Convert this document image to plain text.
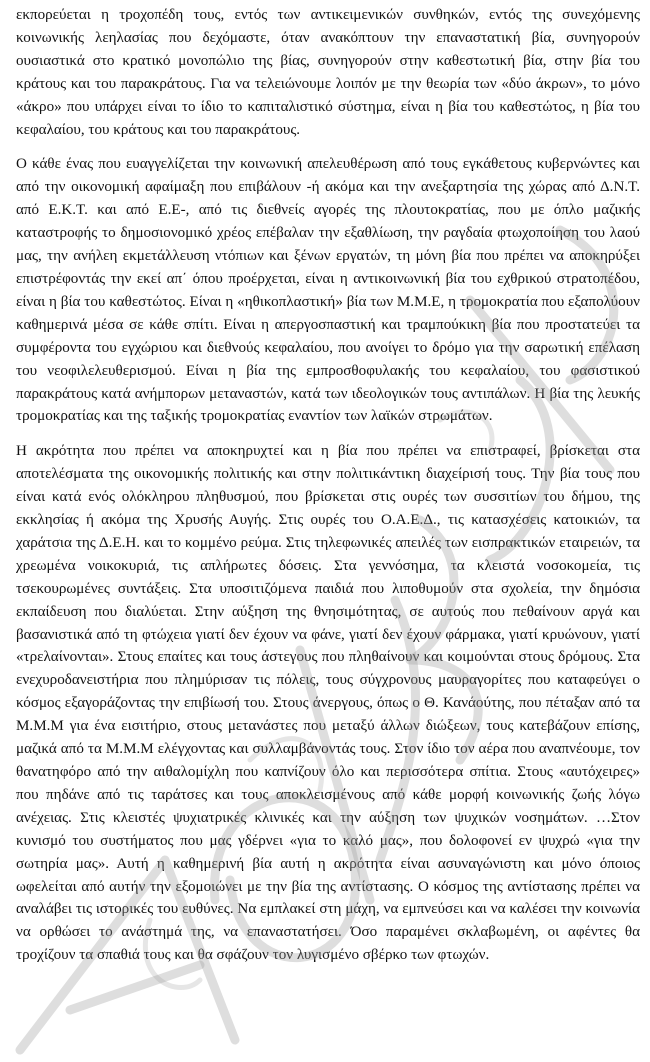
εκπορεύεται η τροχοπέδη τους, εντός των αντικειμενικών συνθηκών, εντός της συνεχόμενης κοινωνικής λεηλασίας που δεχόμαστε, όταν ανακόπτουν την επαναστατική βία, συνηγορούν ουσιαστικά στο κρατικό μονοπώλιο της βίας, συνηγορούν στην καθεστωτική βία, στην βία του κράτους και του παρακράτους. Για να τελειώνουμε λοιπόν με την θεωρία των «δύο άκρων», το μόνο «άκρο» που υπάρχει είναι το ίδιο το καπιταλιστικό σύστημα, είναι η βία του καθεστώτος, η βία του κεφαλαίου, του κράτους και του παρακράτους.

Ο κάθε ένας που ευαγγελίζεται την κοινωνική απελευθέρωση από τους εγκάθετους κυβερνώντες και από την οικονομική αφαίμαξη που επιβάλουν -ή ακόμα και την ανεξαρτησία της χώρας από Δ.Ν.Τ. από Ε.Κ.Τ. και από Ε.Ε-, από τις διεθνείς αγορές της πλουτοκρατίας, που με όπλο μαζικής καταστροφής το δημοσιονομικό χρέος επέβαλαν την εξαθλίωση, την ραγδαία φτωχοποίηση του λαού μας, την ανήλεη εκμετάλλευση ντόπιων και ξένων εργατών, τη μόνη βία που πρέπει να αποκηρύξει επιστρέφοντάς την εκεί απ΄ όπου προέρχεται, είναι η αντικοινωνική βία του εχθρικού στρατοπέδου, είναι η βία του καθεστώτος. Είναι η «ηθικοπλαστική» βία των Μ.Μ.Ε, η τρομοκρατία που εξαπολύουν καθημερινά μέσα σε κάθε σπίτι. Είναι η απεργοσπαστική και τραμπούκικη βία που προστατεύει τα συμφέροντα του εγχώριου και διεθνούς κεφαλαίου, που ανοίγει το δρόμο για την σαρωτική επέλαση του νεοφιλελευθερισμού. Είναι η βία της εμπροσθοφυλακής του κεφαλαίου, του φασιστικού παρακράτους κατά ανήμπορων μεταναστών, κατά των ιδεολογικών τους αντιπάλων. Η βία της λευκής τρομοκρατίας και της ταξικής τρομοκρατίας εναντίον των λαϊκών στρωμάτων.

Η ακρότητα που πρέπει να αποκηρυχτεί και η βία που πρέπει να επιστραφεί, βρίσκεται στα αποτελέσματα της οικονομικής πολιτικής και στην πολιτικάντικη διαχείρισή τους. Την βία τους που είναι κατά ενός ολόκληρου πληθυσμού, που βρίσκεται στις ουρές των συσσιτίων του δήμου, της εκκλησίας ή ακόμα της Χρυσής Αυγής. Στις ουρές του Ο.Α.Ε.Δ., τις κατασχέσεις κατοικιών, τα χαράτσια της Δ.Ε.Η. και το κομμένο ρεύμα. Στις τηλεφωνικές απειλές των εισπρακτικών εταιρειών, τα χρεωμένα νοικοκυριά, τις απλήρωτες δόσεις. Στα γεννόσημα, τα κλειστά νοσοκομεία, τις τσεκουρωμένες συντάξεις. Στα υποσιτιζόμενα παιδιά που λιποθυμούν στα σχολεία, την δημόσια εκπαίδευση που διαλύεται. Στην αύξηση της θνησιμότητας, σε αυτούς που πεθαίνουν αργά και βασανιστικά από τη φτώχεια γιατί δεν έχουν να φάνε, γιατί δεν έχουν φάρμακα, γιατί κρυώνουν, γιατί «τρελαίνονται». Στους επαίτες και τους άστεγους που πληθαίνουν και κοιμούνται στους δρόμους. Στα ενεχυροδανειστήρια που πλημύρισαν τις πόλεις, τους σύγχρονους μαυραγορίτες που καταφεύγει ο κόσμος εξαγοράζοντας την επιβίωσή του. Στους άνεργους, όπως ο Θ. Κανάούτης, που πέταξαν από τα Μ.Μ.Μ για ένα εισιτήριο, στους μετανάστες που μεταξύ άλλων διώξεων, τους κατεβάζουν επίσης, μαζικά από τα Μ.Μ.Μ ελέγχοντας και συλλαμβάνοντάς τους. Στον ίδιο τον αέρα που αναπνέουμε, τον θανατηφόρο από την αιθαλομίχλη που καπνίζουν όλο και περισσότερα σπίτια. Στους «αυτόχειρες» που πηδάνε από τις ταράτσες και τους αποκλεισμένους από κάθε μορφή κοινωνικής ζωής λόγω ανέχειας. Στις κλειστές ψυχιατρικές κλινικές και την αύξηση των ψυχικών νοσημάτων. …Στον κυνισμό του συστήματος που μας γδέρνει «για το καλό μας», που δολοφονεί εν ψυχρώ «για την σωτηρία μας». Αυτή η καθημερινή βία αυτή η ακρότητα είναι ασυναγώνιστη και μόνο όποιος ωφελείται από αυτήν την εξομοιώνει με την βία της αντίστασης. Ο κόσμος της αντίστασης πρέπει να αναλάβει τις ιστορικές του ευθύνες. Να εμπλακεί στη μάχη, να εμπνεύσει και να καλέσει την κοινωνία να ορθώσει το ανάστημά της, να επαναστατήσει. Όσο παραμένει σκλαβωμένη, οι αφέντες θα τροχίζουν τα σπαθιά τους και θα σφάζουν τον λυγισμένο σβέρκο των φτωχών.
